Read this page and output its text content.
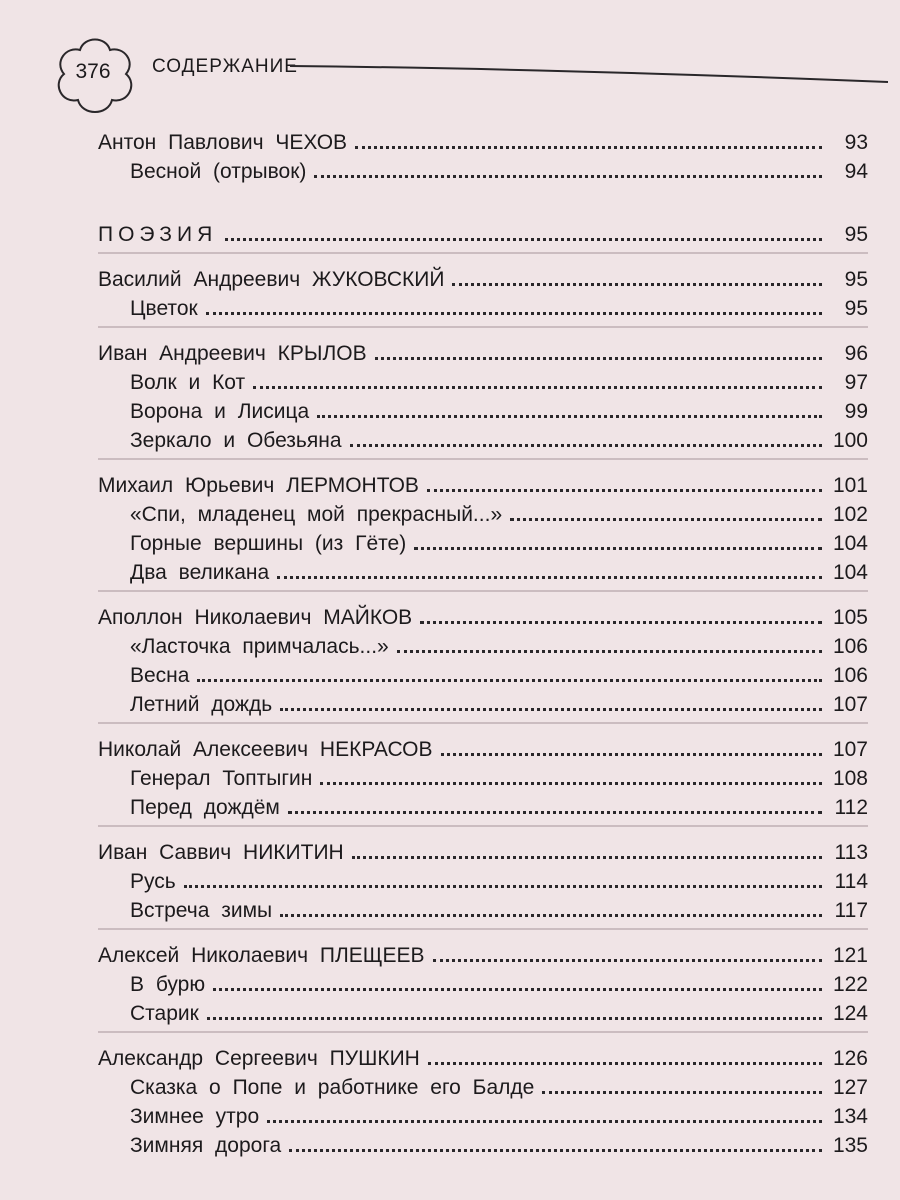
376	СОДЕРЖАНИЕ
Антон Павлович ЧЕХОВ	93
Весной (отрывок)	94
ПОЭЗИЯ	95
Василий Андреевич ЖУКОВСКИЙ	95
Цветок	95
Иван Андреевич КРЫЛОВ	96
Волк и Кот	97
Ворона и Лисица	99
Зеркало и Обезьяна	100
Михаил Юрьевич ЛЕРМОНТОВ	101
«Спи, младенец мой прекрасный...»	102
Горные вершины (из Гёте)	104
Два великана	104
Аполлон Николаевич МАЙКОВ	105
«Ласточка примчалась...»	106
Весна	106
Летний дождь	107
Николай Алексеевич НЕКРАСОВ	107
Генерал Топтыгин	108
Перед дождём	112
Иван Саввич НИКИТИН	113
Русь	114
Встреча зимы	117
Алексей Николаевич ПЛЕЩЕЕВ	121
В бурю	122
Старик	124
Александр Сергеевич ПУШКИН	126
Сказка о Попе и работнике его Балде	127
Зимнее утро	134
Зимняя дорога	135
